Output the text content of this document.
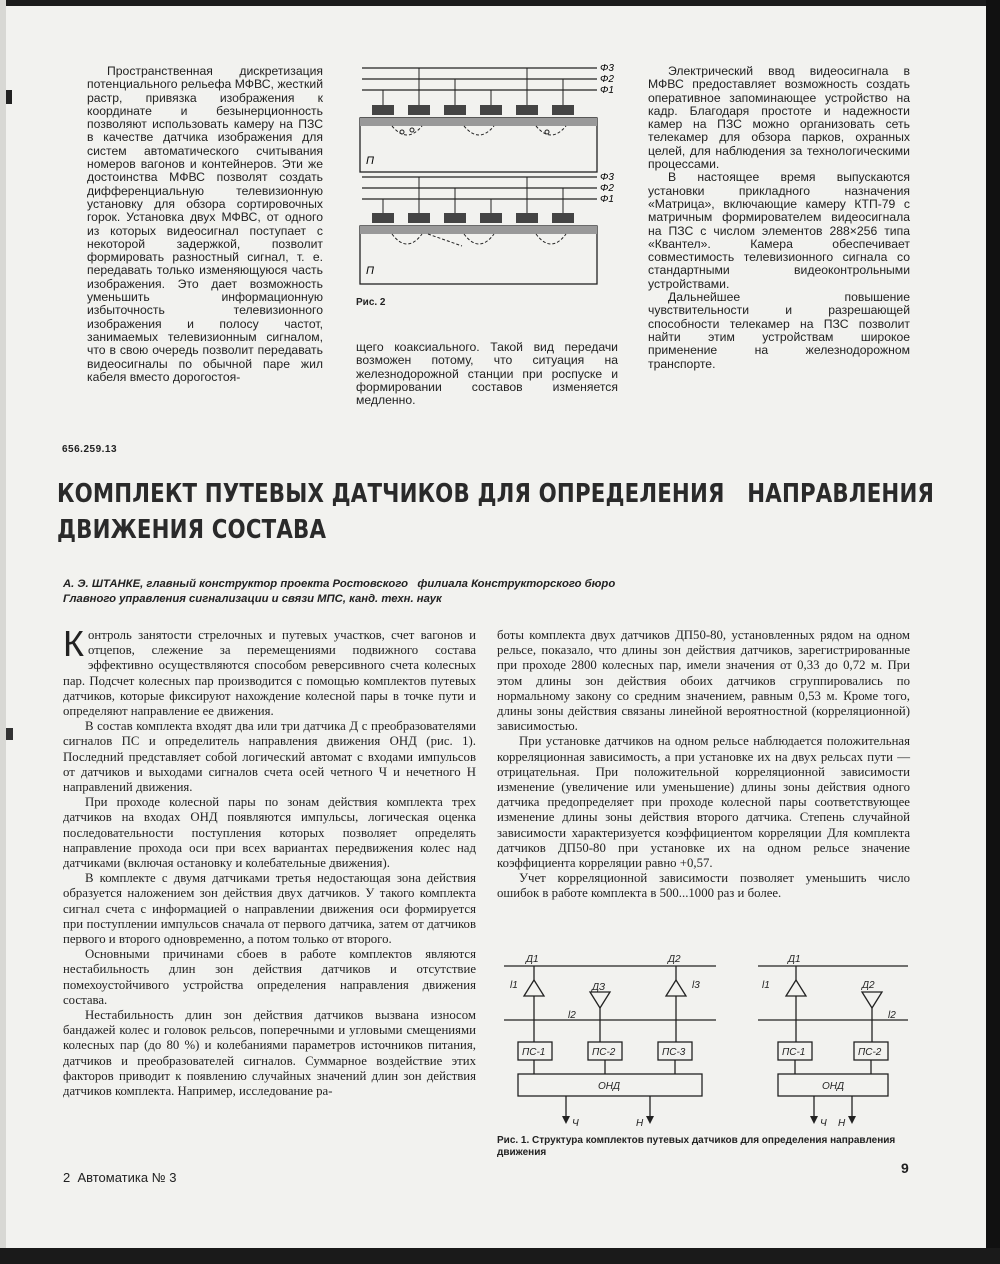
Пространственная дискретизация потенциального рельефа МФВС, жесткий растр, привязка изображения к координате и безынерционность позволяют использовать камеру на ПЗС в качестве датчика изображения для систем автоматического считывания номеров вагонов и контейнеров. Эти же достоинства МФВС позволят создать дифференциальную телевизионную установку для обзора сортировочных горок. Установка двух МФВС, от одного из которых видеосигнал поступает с некоторой задержкой, позволит формировать разностный сигнал, т. е. передавать только изменяющуюся часть изображения. Это дает возможность уменьшить информационную избыточность телевизионного изображения и полосу частот, занимаемых телевизионным сигналом, что в свою очередь позволит передавать видеосигналы по обычной паре жил кабеля вместо дорогостоя-

Φ3
Φ2
Φ1
Φ3
Φ2
Φ1
П
П
Рис. 2

щего коаксиального. Такой вид передачи возможен потому, что ситуация на железнодорожной станции при роспуске и формировании составов изменяется медленно.

Электрический ввод видеосигнала в МФВС предоставляет возможность создать оперативное запоминающее устройство на кадр. Благодаря простоте и надежности камер на ПЗС можно организовать сеть телекамер для обзора парков, охранных целей, для наблюдения за технологическими процессами.

В настоящее время выпускаются установки прикладного назначения «Матрица», включающие камеру КТП-79 с матричным формирователем видеосигнала на ПЗС с числом элементов 288×256 типа «Квантел». Камера обеспечивает совместимость телевизионного сигнала со стандартными видеоконтрольными устройствами.

Дальнейшее повышение чувствительности и разрешающей способности телекамер на ПЗС позволит найти этим устройствам широкое применение на железнодорожном транспорте.

656.259.13
КОМПЛЕКТ ПУТЕВЫХ ДАТЧИКОВ ДЛЯ ОПРЕДЕЛЕНИЯ   НАПРАВЛЕНИЯ
ДВИЖЕНИЯ СОСТАВА
А. Э. ШТАНКЕ, главный конструктор проекта Ростовского   филиала Конструкторского бюро
Главного управления сигнализации и связи МПС, канд. техн. наук

Контроль занятости стрелочных и путевых участков, счет вагонов и отцепов, слежение за перемещениями подвижного состава эффективно осуществляются способом реверсивного счета колесных пар. Подсчет колесных пар производится с помощью комплектов путевых датчиков, которые фиксируют нахождение колесной пары в точке пути и определяют направление ее движения.

В состав комплекта входят два или три датчика Д с преобразователями сигналов ПС и определитель направления движения ОНД (рис. 1). Последний представляет собой логический автомат с входами импульсов от датчиков и выходами сигналов счета осей четного Ч и нечетного Н направлений движения.

При проходе колесной пары по зонам действия комплекта трех датчиков на входах ОНД появляются импульсы, логическая оценка последовательности поступления которых позволяет определять направление прохода оси при всех вариантах передвижения колес над датчиками (включая остановку и колебательные движения).

В комплекте с двумя датчиками третья недостающая зона действия образуется наложением зон действия двух датчиков. У такого комплекта сигнал счета с информацией о направлении движения оси формируется при поступлении импульсов сначала от первого датчика, затем от датчиков первого и второго одновременно, а потом только от второго.

Основными причинами сбоев в работе комплектов являются нестабильность длин зон действия датчиков и отсутствие помехоустойчивого устройства определения направления движения состава.

Нестабильность длин зон действия датчиков вызвана износом бандажей колес и головок рельсов, поперечными и угловыми смещениями колесных пар (до 80 %) и колебаниями параметров источников питания, датчиков и преобразователей сигналов. Суммарное воздействие этих факторов приводит к появлению случайных значений длин зон действия датчиков комплекта. Например, исследование ра-

боты комплекта двух датчиков ДП50-80, установленных рядом на одном рельсе, показало, что длины зон действия датчиков, зарегистрированные при проходе 2800 колесных пар, имели значения от 0,33 до 0,72 м. При этом длины зон действия обоих датчиков сгруппировались по нормальному закону со средним значением, равным 0,53 м. Кроме того, длины зоны действия связаны линейной вероятностной (корреляционной) зависимостью.

При установке датчиков на одном рельсе наблюдается положительная корреляционная зависимость, а при установке их на двух рельсах пути — отрицательная. При положительной корреляционной зависимости изменение (увеличение или уменьшение) длины зоны действия одного датчика предопределяет при проходе колесной пары соответствующее изменение длины зоны действия второго датчика. Степень случайной зависимости характеризуется коэффициентом корреляции Для комплекта датчиков ДП50-80 при установке их на одном рельсе значение коэффициента корреляции равно +0,57.

Учет корреляционной зависимости позволяет уменьшить число ошибок в работе комплекта в 500...1000 раз и более.

Д1
ДЗ
Д2
l1
l2
l3
ПС-1	ПС-2	ПС-3
ОНД
Ч	Н
Д1
Д2
l1
l2
ПС-1	ПС-2
ОНД
Ч Н
Рис. 1. Структура комплектов путевых датчиков для определения направления движения
2  Автоматика № 3
9
